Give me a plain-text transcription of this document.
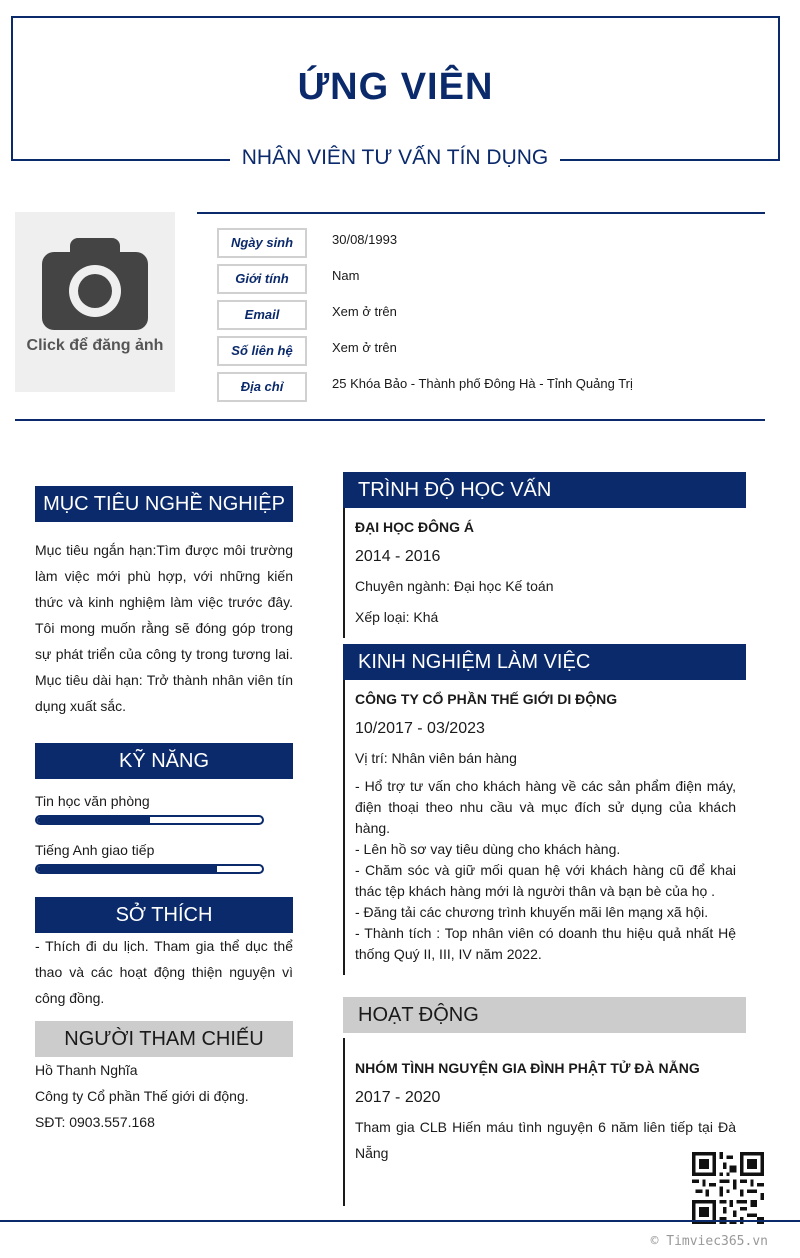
ỨNG VIÊN
NHÂN VIÊN TƯ VẤN TÍN DỤNG
Click để đăng ảnh
Ngày sinh	30/08/1993
Giới tính	Nam
Email	Xem ở trên
Số liên hệ	Xem ở trên
Địa chỉ	25 Khóa Bảo - Thành phố Đông Hà - Tỉnh Quảng Trị
MỤC TIÊU NGHỀ NGHIỆP
Mục tiêu ngắn hạn:Tìm được môi trường làm việc mới phù hợp, với những kiến thức và kinh nghiệm làm việc trước đây. Tôi mong muốn rằng sẽ đóng góp trong sự phát triển của công ty trong tương lai. Mục tiêu dài hạn: Trở thành nhân viên tín dụng xuất sắc.
KỸ NĂNG
Tin học văn phòng
Tiếng Anh giao tiếp
SỞ THÍCH
- Thích đi du lịch. Tham gia thể dục thể thao và các hoạt động thiện nguyện vì công đồng.
NGƯỜI THAM CHIẾU
Hồ Thanh Nghĩa
Công ty Cổ phần Thế giới di động.
SĐT: 0903.557.168
TRÌNH ĐỘ HỌC VẤN
ĐẠI HỌC ĐÔNG Á
2014 - 2016
Chuyên ngành: Đại học Kế toán
Xếp loại: Khá
KINH NGHIỆM LÀM VIỆC
CÔNG TY CỔ PHẦN THẾ GIỚI DI ĐỘNG
10/2017 - 03/2023
Vị trí: Nhân viên bán hàng
- Hổ trợ tư vấn cho khách hàng về các sản phẩm điện máy, điện thoại theo nhu cầu và mục đích sử dụng của khách hàng.
- Lên hồ sơ vay tiêu dùng cho khách hàng.
- Chăm sóc và giữ mối quan hệ với khách hàng cũ để khai thác tệp khách hàng mới là người thân và bạn bè của họ .
- Đăng tải các chương trình khuyến mãi lên mạng xã hội.
- Thành tích : Top nhân viên có doanh thu hiệu quả nhất Hệ thống Quý II, III, IV năm 2022.
HOẠT ĐỘNG
NHÓM TÌNH NGUYỆN GIA ĐÌNH PHẬT TỬ ĐÀ NẴNG
2017 - 2020
Tham gia CLB Hiến máu tình nguyện 6 năm liên tiếp tại Đà Nẵng
© Timviec365.vn
